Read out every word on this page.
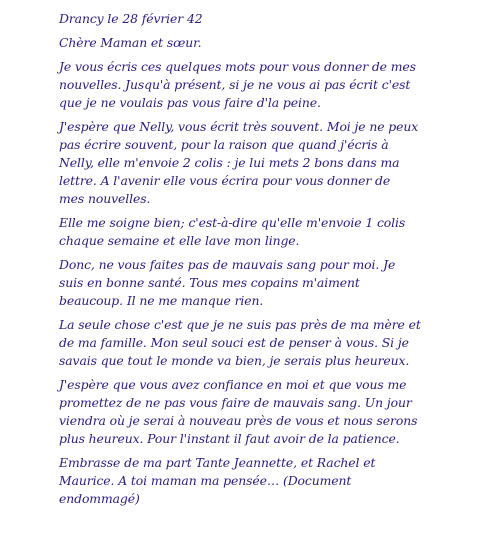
Drancy le 28 février 42
Chère Maman et sœur.
Je vous écris ces quelques mots pour vous donner de mes
nouvelles. Jusqu'à présent, si je ne vous ai pas écrit c'est
que je ne voulais pas vous faire d'la peine.
J'espère que Nelly, vous écrit très souvent. Moi je ne peux
pas écrire souvent, pour la raison que quand j'écris à
Nelly, elle m'envoie 2 colis : je lui mets 2 bons dans ma
lettre. A l'avenir elle vous écrira pour vous donner de
mes nouvelles.
Elle me soigne bien; c'est-à-dire qu'elle m'envoie 1 colis
chaque semaine et elle lave mon linge.
Donc, ne vous faites pas de mauvais sang pour moi. Je
suis en bonne santé. Tous mes copains m'aiment
beaucoup. Il ne me manque rien.
La seule chose c'est que je ne suis pas près de ma mère et
de ma famille. Mon seul souci est de penser à vous. Si je
savais que tout le monde va bien, je serais plus heureux.
J'espère que vous avez confiance en moi et que vous me
promettez de ne pas vous faire de mauvais sang. Un jour
viendra où je serai à nouveau près de vous et nous serons
plus heureux. Pour l'instant il faut avoir de la patience.
Embrasse de ma part Tante Jeannette, et Rachel et
Maurice. A toi maman ma pensée… (Document
endommagé)
